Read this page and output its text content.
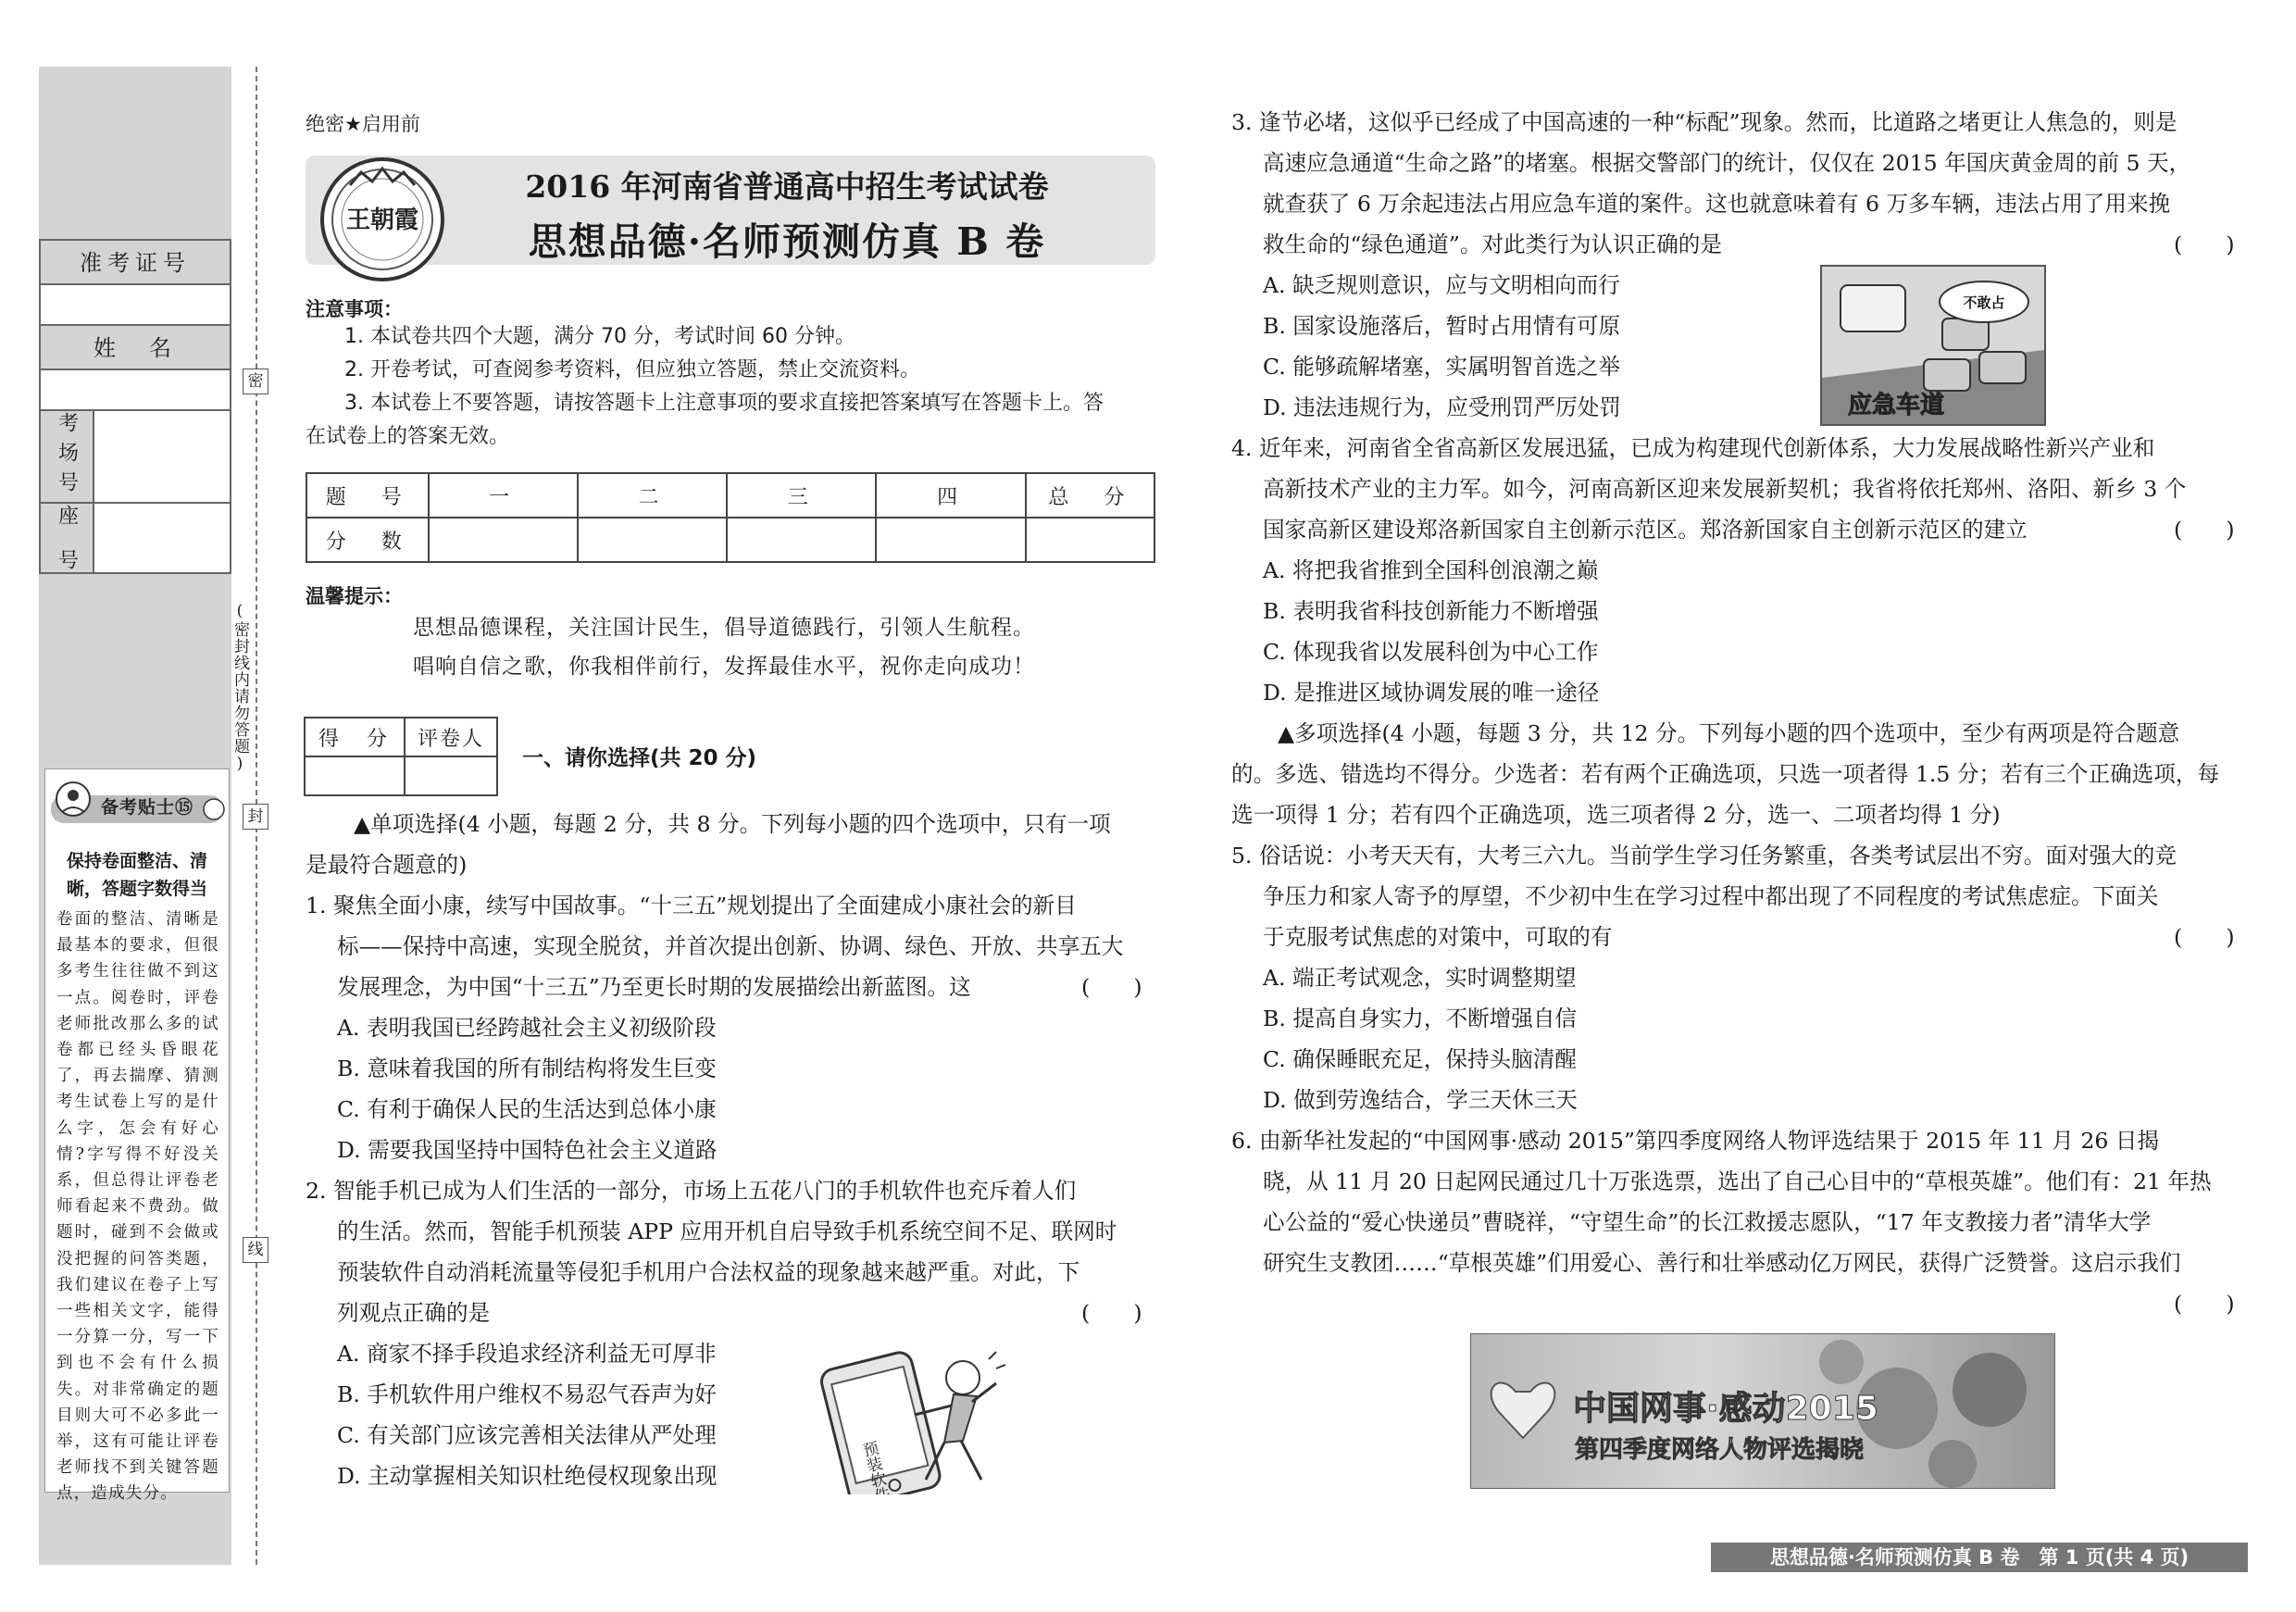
准考证号
姓　名
考场号
座　号
备考贴士⑮
保持卷面整洁、清晰，答题字数得当
卷面的整洁、清晰是最基本的要求，但很多考生往往做不到这一点。阅卷时，评卷老师批改那么多的试卷都已经头昏眼花了，再去揣摩、猜测考生试卷上写的是什么字，怎会有好心情?字写得不好没关系，但总得让评卷老师看起来不费劲。做题时，碰到不会做或没把握的问答类题，我们建议在卷子上写一些相关文字，能得一分算一分，写一下到也不会有什么损失。对非常确定的题目则大可不必多此一举，这有可能让评卷老师找不到关键答题点，造成失分。
密
封
线
(密封线内请勿答题)
绝密★启用前
王朝霞
2016 年河南省普通高中招生考试试卷
思想品德·名师预测仿真 B 卷
注意事项：
1. 本试卷共四个大题，满分 70 分，考试时间 60 分钟。
2. 开卷考试，可查阅参考资料，但应独立答题，禁止交流资料。
3. 本试卷上不要答题，请按答题卡上注意事项的要求直接把答案填写在答题卡上。答
在试卷上的答案无效。
题　号	一	二	三	四	总　分
分　数					
温馨提示：
思想品德课程，关注国计民生，倡导道德践行，引领人生航程。
唱响自信之歌，你我相伴前行，发挥最佳水平，祝你走向成功！
得　分	评卷人

一、请你选择(共 20 分)
▲单项选择(4 小题，每题 2 分，共 8 分。下列每小题的四个选项中，只有一项
是最符合题意的)
1. 聚焦全面小康，续写中国故事。“十三五”规划提出了全面建成小康社会的新目
标——保持中高速，实现全脱贫，并首次提出创新、协调、绿色、开放、共享五大
发展理念，为中国“十三五”乃至更长时期的发展描绘出新蓝图。这	(　　)
A. 表明我国已经跨越社会主义初级阶段
B. 意味着我国的所有制结构将发生巨变
C. 有利于确保人民的生活达到总体小康
D. 需要我国坚持中国特色社会主义道路
2. 智能手机已成为人们生活的一部分，市场上五花八门的手机软件也充斥着人们
的生活。然而，智能手机预装 APP 应用开机自启导致手机系统空间不足、联网时
预装软件自动消耗流量等侵犯手机用户合法权益的现象越来越严重。对此，下
列观点正确的是	(　　)
A. 商家不择手段追求经济利益无可厚非
B. 手机软件用户维权不易忍气吞声为好
C. 有关部门应该完善相关法律从严处理
D. 主动掌握相关知识杜绝侵权现象出现	预装软件
3. 逢节必堵，这似乎已经成了中国高速的一种“标配”现象。然而，比道路之堵更让人焦急的，则是
高速应急通道“生命之路”的堵塞。根据交警部门的统计，仅仅在 2015 年国庆黄金周的前 5 天，
就查获了 6 万余起违法占用应急车道的案件。这也就意味着有 6 万多车辆，违法占用了用来挽
救生命的“绿色通道”。对此类行为认识正确的是	(　　)
A. 缺乏规则意识，应与文明相向而行
B. 国家设施落后，暂时占用情有可原
C. 能够疏解堵塞，实属明智首选之举
D. 违法违规行为，应受刑罚严厉处罚
不敢占
应急车道
4. 近年来，河南省全省高新区发展迅猛，已成为构建现代创新体系，大力发展战略性新兴产业和
高新技术产业的主力军。如今，河南高新区迎来发展新契机；我省将依托郑州、洛阳、新乡 3 个
国家高新区建设郑洛新国家自主创新示范区。郑洛新国家自主创新示范区的建立	(　　)
A. 将把我省推到全国科创浪潮之巅
B. 表明我省科技创新能力不断增强
C. 体现我省以发展科创为中心工作
D. 是推进区域协调发展的唯一途径
▲多项选择(4 小题，每题 3 分，共 12 分。下列每小题的四个选项中，至少有两项是符合题意
的。多选、错选均不得分。少选者：若有两个正确选项，只选一项者得 1.5 分；若有三个正确选项，每
选一项得 1 分；若有四个正确选项，选三项者得 2 分，选一、二项者均得 1 分)
5. 俗话说：小考天天有，大考三六九。当前学生学习任务繁重，各类考试层出不穷。面对强大的竞
争压力和家人寄予的厚望，不少初中生在学习过程中都出现了不同程度的考试焦虑症。下面关
于克服考试焦虑的对策中，可取的有	(　　)
A. 端正考试观念，实时调整期望
B. 提高自身实力，不断增强自信
C. 确保睡眠充足，保持头脑清醒
D. 做到劳逸结合，学三天休三天
6. 由新华社发起的“中国网事·感动 2015”第四季度网络人物评选结果于 2015 年 11 月 26 日揭
晓，从 11 月 20 日起网民通过几十万张选票，选出了自己心目中的“草根英雄”。他们有：21 年热
心公益的“爱心快递员”曹晓祥，“守望生命”的长江救援志愿队，“17 年支教接力者”清华大学
研究生支教团……“草根英雄”们用爱心、善行和壮举感动亿万网民，获得广泛赞誉。这启示我们
(　　)
中国网事·感动2015
第四季度网络人物评选揭晓
思想品德·名师预测仿真 B 卷　第 1 页(共 4 页)
